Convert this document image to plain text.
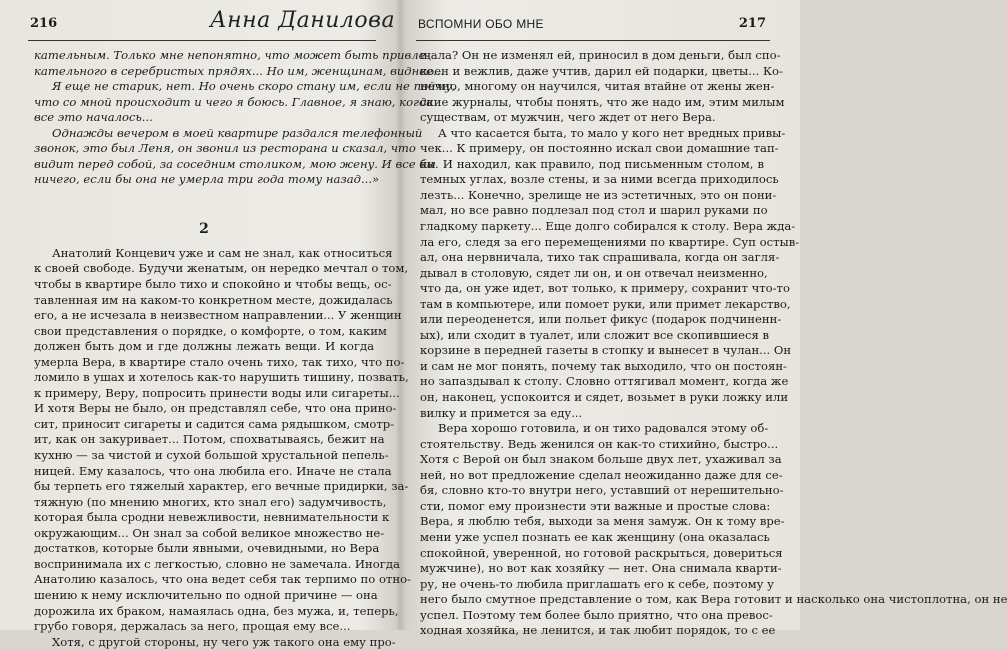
216	Анна Данилова
кательным. Только мне непонятно, что может быть привле-
кательного в серебристых прядях... Но им, женщинам, виднее...
Я еще не старик, нет. Но очень скоро стану им, если не пойму,
что со мной происходит и чего я боюсь. Главное, я знаю, когда
все это началось...
Однажды вечером в моей квартире раздался телефонный
звонок, это был Леня, он звонил из ресторана и сказал, что
видит перед собой, за соседним столиком, мою жену. И все бы
ничего, если бы она не умерла три года тому назад...»
2
Анатолий Концевич уже и сам не знал, как относиться
к своей свободе. Будучи женатым, он нередко мечтал о том,
чтобы в квартире было тихо и спокойно и чтобы вещь, ос-
тавленная им на каком-то конкретном месте, дожидалась
его, а не исчезала в неизвестном направлении... У женщин
свои представления о порядке, о комфорте, о том, каким
должен быть дом и где должны лежать вещи. И когда
умерла Вера, в квартире стало очень тихо, так тихо, что по-
ломило в ушах и хотелось как-то нарушить тишину, позвать,
к примеру, Веру, попросить принести воды или сигареты...
И хотя Веры не было, он представлял себе, что она прино-
сит, приносит сигареты и садится сама рядышком, смотр-
ит, как он закуривает... Потом, спохватываясь, бежит на
кухню — за чистой и сухой большой хрустальной пепель-
ницей. Ему казалось, что она любила его. Иначе не стала
бы терпеть его тяжелый характер, его вечные придирки, за-
тяжную (по мнению многих, кто знал его) задумчивость,
которая была сродни невежливости, невнимательности к
окружающим... Он знал за собой великое множество не-
достатков, которые были явными, очевидными, но Вера
воспринимала их с легкостью, словно не замечала. Иногда
Анатолию казалось, что она ведет себя так терпимо по отно-
шению к нему исключительно по одной причине — она
дорожила их браком, намаялась одна, без мужа, и, теперь,
грубо говоря, держалась за него, прощая ему все...
Хотя, с другой стороны, ну чего уж такого она ему про-
217
ВСПОМНИ ОБО МНЕ
щала? Он не изменял ей, приносил в дом деньги, был спо-
коен и вежлив, даже учтив, дарил ей подарки, цветы... Ко-
нечно, многому он научился, читая втайне от жены жен-
ские журналы, чтобы понять, что же надо им, этим милым
существам, от мужчин, чего ждет от него Вера.
А что касается быта, то мало у кого нет вредных привы-
чек... К примеру, он постоянно искал свои домашние тап-
ки. И находил, как правило, под письменным столом, в
темных углах, возле стены, и за ними всегда приходилось
лезть... Конечно, зрелище не из эстетичных, это он пони-
мал, но все равно подлезал под стол и шарил руками по
гладкому паркету... Еще долго собирался к столу. Вера жда-
ла его, следя за его перемещениями по квартире. Суп остыв-
ал, она нервничала, тихо так спрашивала, когда он загля-
дывал в столовую, сядет ли он, и он отвечал неизменно,
что да, он уже идет, вот только, к примеру, сохранит что-то
там в компьютере, или помоет руки, или примет лекарство,
или переоденется, или польет фикус (подарок подчиненн-
ых), или сходит в туалет, или сложит все скопившиеся в
корзине в передней газеты в стопку и вынесет в чулан... Он
и сам не мог понять, почему так выходило, что он постоян-
но запаздывал к столу. Словно оттягивал момент, когда же
он, наконец, успокоится и сядет, возьмет в руки ложку или
вилку и примется за еду...
Вера хорошо готовила, и он тихо радовался этому об-
стоятельству. Ведь женился он как-то стихийно, быстро...
Хотя с Верой он был знаком больше двух лет, ухаживал за
ней, но вот предложение сделал неожиданно даже для се-
бя, словно кто-то внутри него, уставший от нерешительно-
сти, помог ему произнести эти важные и простые слова:
Вера, я люблю тебя, выходи за меня замуж. Он к тому вре-
мени уже успел познать ее как женщину (она оказалась
спокойной, уверенной, но готовой раскрыться, довериться
мужчине), но вот как хозяйку — нет. Она снимала кварти-
ру, не очень-то любила приглашать его к себе, поэтому у
него было смутное представление о том, как Вера готовит и насколько она чистоплотна, он не
успел. Поэтому тем более было приятно, что она превос-
ходная хозяйка, не ленится, и так любит порядок, то с ее
